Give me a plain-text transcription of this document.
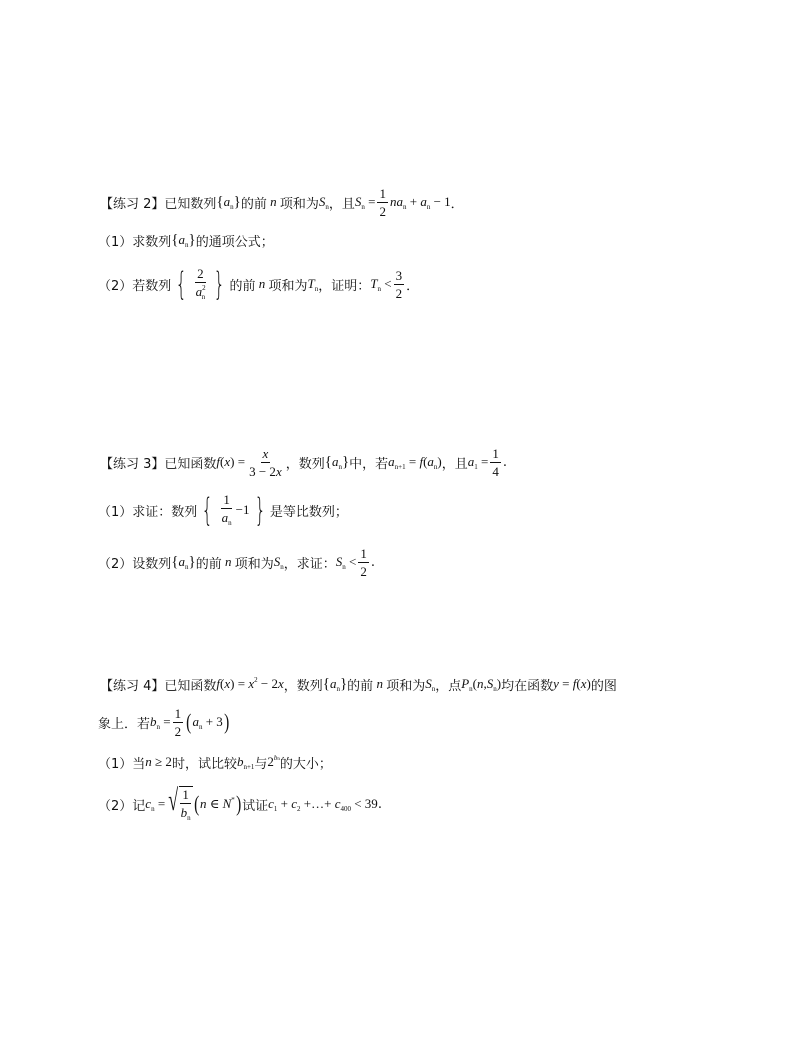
【练习 2】 已知数列 { $a_n$ } 的前 n 项和为 $S_n$ ，且 $S_n = \frac{1}{2} na_n + a_n - 1$ ．
（1） 求数列 { $a_n$ } 的通项公式；
（2） 若数列 { $\frac{2}{a^2_n}$ } 的前 n 项和为 $T_n$ ，证明： $T_n < \frac{3}{2}$ ．
【练习 3】 已知函数 $f(x) = \frac{x}{3 - 2x}$ ，数列 { $a_n$ } 中，若 $a_{n+1} = f(a_n)$ ，且 $a_1 = \frac{1}{4}$ .
（1） 求证：数列 { $\frac{1}{a_n} -1$ } 是等比数列；
（2） 设数列 { $a_n$ } 的前 n 项和为 $S_n$ ，求证： $S_n < \frac{1}{2}$ .
【练习 4】 已知函数 $f(x) = x^2 - 2x$ ，数列 { $a_n$ } 的前 n 项和为 $S_n$ ，点 $P_n(n,S_n)$ 均在函数 y = f(x) 的图
象上．若 $b_n = \frac{1}{2}$ ( $a_n + 3$ )
（1） 当 n ≥ 2 时，试比较 $b_{n+1}$ 与 $2^{bn}$ 的大小；
（2） 记 $c_n$ = √ $\frac{1}{b_n}$ ( n ∈ N* ) 试证 $c_1 + c_2$ +…+ $c_{400} < 39$ .
